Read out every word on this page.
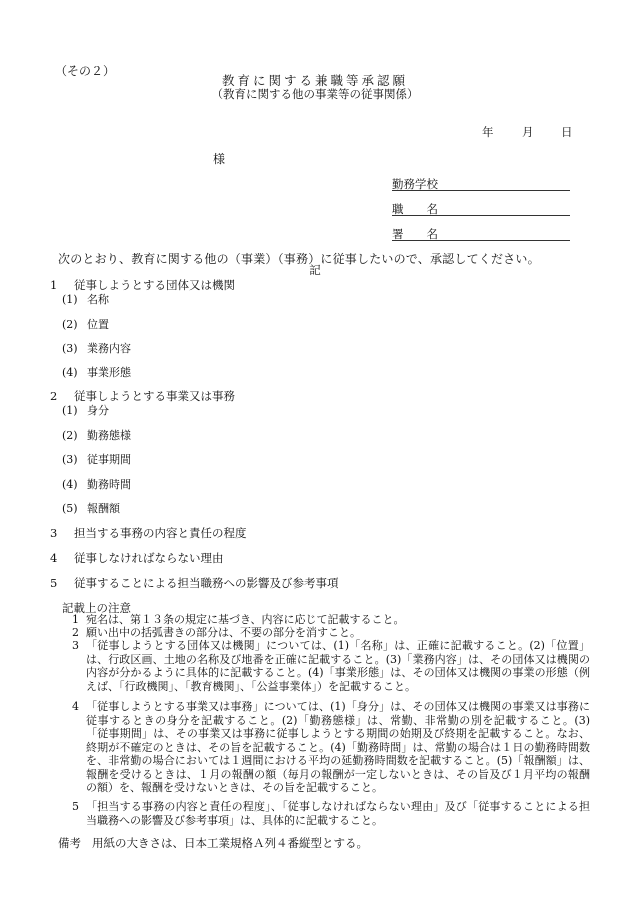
（その２）
教育に関する兼職等承認願
（教育に関する他の事業等の従事関係）
年 月 日
様
勤務学校
職　　名
署　　名
次のとおり、教育に関する他の（事業）（事務）に従事したいので、承認してください。
記
1 従事しようとする団体又は機関
(1) 名称
(2) 位置
(3) 業務内容
(4) 事業形態
2 従事しようとする事業又は事務
(1) 身分
(2) 勤務態様
(3) 従事期間
(4) 勤務時間
(5) 報酬額
3 担当する事務の内容と責任の程度
4 従事しなければならない理由
5 従事することによる担当職務への影響及び参考事項
記載上の注意
1 宛名は、第１３条の規定に基づき、内容に応じて記載すること。
2 願い出中の括弧書きの部分は、不要の部分を消すこと。
3 「従事しようとする団体又は機関」については、(1)「名称」は、正確に記載すること。(2)「位置」は、行政区画、土地の名称及び地番を正確に記載すること。(3)「業務内容」は、その団体又は機関の内容が分かるように具体的に記載すること。(4)「事業形態」は、その団体又は機関の事業の形態（例えば、「行政機関」、「教育機関」、「公益事業体」）を記載すること。
4 「従事しようとする事業又は事務」については、(1)「身分」は、その団体又は機関の事業又は事務に従事するときの身分を記載すること。(2)「勤務態様」は、常勤、非常勤の別を記載すること。(3)「従事期間」は、その事業又は事務に従事しようとする期間の始期及び終期を記載すること。なお、終期が不確定のときは、その旨を記載すること。(4)「勤務時間」は、常勤の場合は１日の勤務時間数を、非常勤の場合においては１週間における平均の延勤務時間数を記載すること。(5)「報酬額」は、報酬を受けるときは、１月の報酬の額（毎月の報酬が一定しないときは、その旨及び１月平均の報酬の額）を、報酬を受けないときは、その旨を記載すること。
5 「担当する事務の内容と責任の程度」、「従事しなければならない理由」及び「従事することによる担当職務への影響及び参考事項」は、具体的に記載すること。
備考 用紙の大きさは、日本工業規格Ａ列４番縦型とする。
